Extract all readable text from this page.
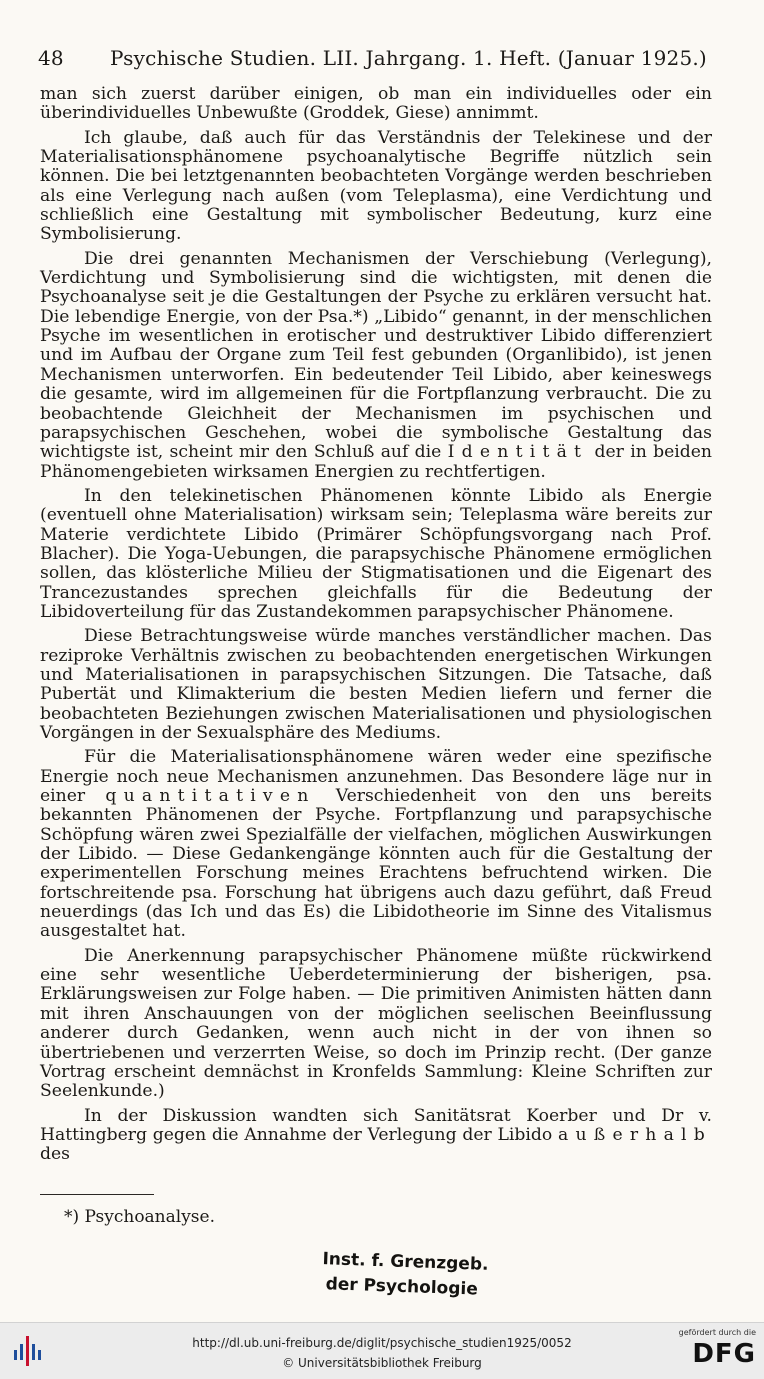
48 Psychische Studien. LII. Jahrgang. 1. Heft. (Januar 1925.)

man sich zuerst darüber einigen, ob man ein individuelles oder ein überindividuelles Unbewußte (Groddek, Giese) annimmt.

Ich glaube, daß auch für das Verständnis der Telekinese und der Materialisationsphänomene psychoanalytische Begriffe nützlich sein können. Die bei letztgenannten beobachteten Vorgänge werden beschrieben als eine Verlegung nach außen (vom Teleplasma), eine Verdichtung und schließlich eine Gestaltung mit symbolischer Bedeutung, kurz eine Symbolisierung.

Die drei genannten Mechanismen der Verschiebung (Verlegung), Verdichtung und Symbolisierung sind die wichtigsten, mit denen die Psychoanalyse seit je die Gestaltungen der Psyche zu erklären versucht hat. Die lebendige Energie, von der Psa.*) „Libido“ genannt, in der menschlichen Psyche im wesentlichen in erotischer und destruktiver Libido differenziert und im Aufbau der Organe zum Teil fest gebunden (Organlibido), ist jenen Mechanismen unterworfen. Ein bedeutender Teil Libido, aber keineswegs die gesamte, wird im allgemeinen für die Fortpflanzung verbraucht. Die zu beobachtende Gleichheit der Mechanismen im psychischen und parapsychischen Geschehen, wobei die symbolische Gestaltung das wichtigste ist, scheint mir den Schluß auf die Identität der in beiden Phänomengebieten wirksamen Energien zu rechtfertigen.

In den telekinetischen Phänomenen könnte Libido als Energie (eventuell ohne Materialisation) wirksam sein; Teleplasma wäre bereits zur Materie verdichtete Libido (Primärer Schöpfungsvorgang nach Prof. Blacher). Die Yoga-Uebungen, die parapsychische Phänomene ermöglichen sollen, das klösterliche Milieu der Stigmatisationen und die Eigenart des Trancezustandes sprechen gleichfalls für die Bedeutung der Libidoverteilung für das Zustandekommen parapsychischer Phänomene.

Diese Betrachtungsweise würde manches verständlicher machen. Das reziproke Verhältnis zwischen zu beobachtenden energetischen Wirkungen und Materialisationen in parapsychischen Sitzungen. Die Tatsache, daß Pubertät und Klimakterium die besten Medien liefern und ferner die beobachteten Beziehungen zwischen Materialisationen und physiologischen Vorgängen in der Sexualsphäre des Mediums.

Für die Materialisationsphänomene wären weder eine spezifische Energie noch neue Mechanismen anzunehmen. Das Besondere läge nur in einer quantitativen Verschiedenheit von den uns bereits bekannten Phänomenen der Psyche. Fortpflanzung und parapsychische Schöpfung wären zwei Spezialfälle der vielfachen, möglichen Auswirkungen der Libido. — Diese Gedankengänge könnten auch für die Gestaltung der experimentellen Forschung meines Erachtens befruchtend wirken. Die fortschreitende psa. Forschung hat übrigens auch dazu geführt, daß Freud neuerdings (das Ich und das Es) die Libidotheorie im Sinne des Vitalismus ausgestaltet hat.

Die Anerkennung parapsychischer Phänomene müßte rückwirkend eine sehr wesentliche Ueberdeterminierung der bisherigen, psa. Erklärungsweisen zur Folge haben. — Die primitiven Animisten hätten dann mit ihren Anschauungen von der möglichen seelischen Beeinflussung anderer durch Gedanken, wenn auch nicht in der von ihnen so übertriebenen und verzerrten Weise, so doch im Prinzip recht. (Der ganze Vortrag erscheint demnächst in Kronfelds Sammlung: Kleine Schriften zur Seelenkunde.)

In der Diskussion wandten sich Sanitätsrat Koerber und Dr v. Hattingberg gegen die Annahme der Verlegung der Libido außerhalb des

*) Psychoanalyse.
Inst. f. Grenzgeb.
der Psychologie
http://dl.ub.uni-freiburg.de/diglit/psychische_studien1925/0052
© Universitätsbibliothek Freiburg
gefördert durch die
DFG
